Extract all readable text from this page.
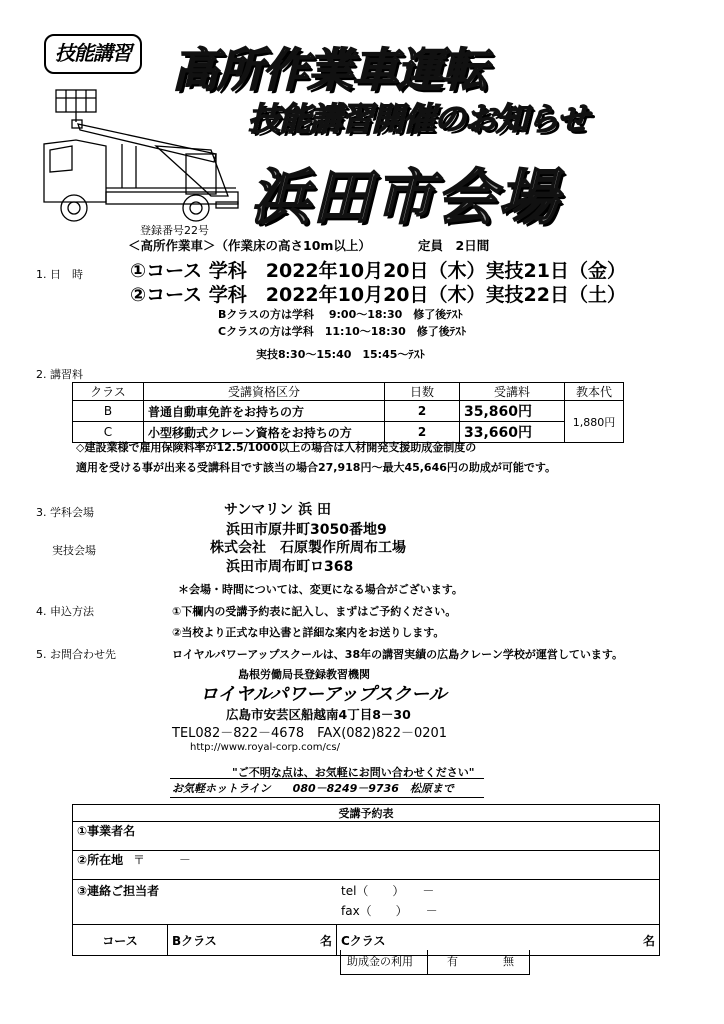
技能講習 高所作業車運転
技能講習開催のお知らせ
浜田市会場
登録番号22号
＜高所作業車＞（作業床の高さ10m以上）	定員　2日間
1. 日　時 ①コース 学科　2022年10月20日（木）実技21日（金）
②コース 学科　2022年10月20日（木）実技22日（土）
Bクラスの方は学科　 9:00～18:30　修了後ﾃｽﾄ
Cクラスの方は学科　11:10～18:30　修了後ﾃｽﾄ
実技8:30～15:40　15:45～ﾃｽﾄ
2. 講習料
クラス	受講資格区分	日数	受講料	教本代
B	普通自動車免許をお持ちの方	2	35,860円	1,880円
C	小型移動式クレーン資格をお持ちの方	2	33,660円	
◇建設業様で雇用保険料率が12.5/1000以上の場合は人材開発支援助成金制度の
適用を受ける事が出来る受講科目です該当の場合27,918円～最大45,646円の助成が可能です。
3. 学科会場	サンマリン 浜 田
浜田市原井町3050番地9
実技会場	株式会社　石原製作所周布工場
浜田市周布町ロ368
＊会場・時間については、変更になる場合がございます。
4. 申込方法	①下欄内の受講予約表に記入し、まずはご予約ください。
②当校より正式な申込書と詳細な案内をお送りします。
5. お問合わせ先	ロイヤルパワーアップスクールは、38年の講習実績の広島クレーン学校が運営しています。
島根労働局長登録教習機関
ロイヤルパワーアップスクール
広島市安芸区船越南4丁目8－30
TEL082－822－4678　FAX(082)822－0201
http://www.royal-corp.com/cs/
"ご不明な点は、お気軽にお問い合わせください"
お気軽ホットライン　　080－8249－9736　松原まで
受講予約表
①事業者名
②所在地 〒	－

③連絡ご担当者	tel（　　）　　－
fax（　　）　　－

コース	Bクラス	名	Cクラス	名
助成金の利用	有	無
